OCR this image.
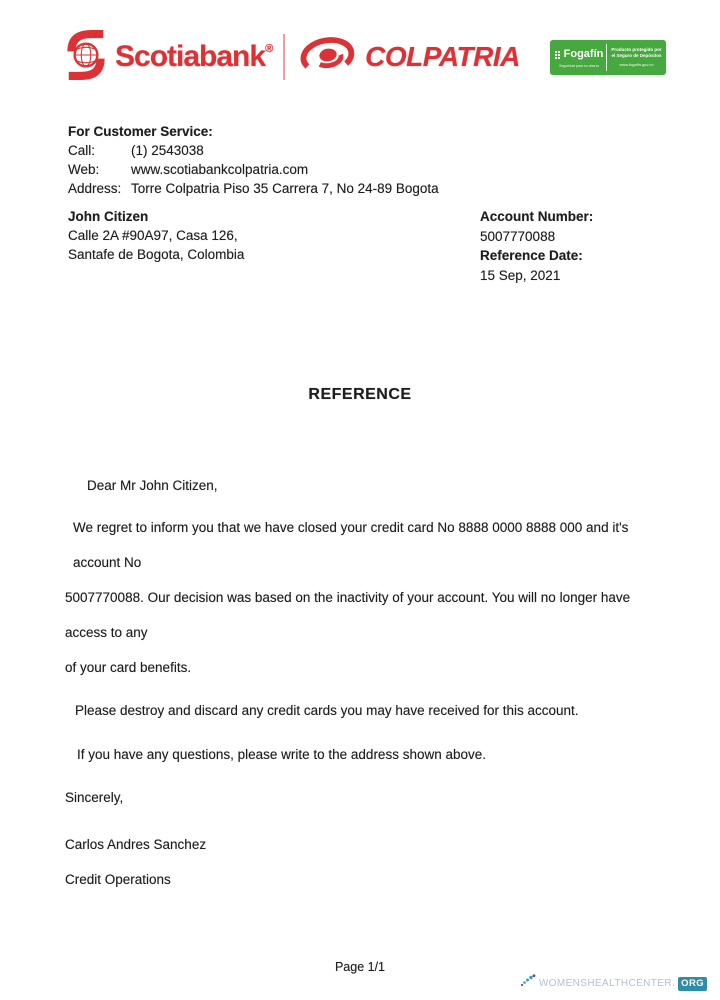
Scotiabank®	COLPATRIA	Fogafín
Seguridad para su ahorro
Producto protegido por
el Seguro de Depósitos
www.fogafin.gov.co
For Customer Service:
Call:	(1) 2543038
Web:	www.scotiabankcolpatria.com
Address: Torre Colpatria Piso 35 Carrera 7, No 24-89 Bogota
John Citizen
Calle 2A #90A97, Casa 126,
Santafe de Bogota, Colombia
Account Number:
5007770088
Reference Date:
15 Sep, 2021
REFERENCE
Dear Mr John Citizen,
We regret to inform you that we have closed your credit card No 8888 0000 8888 000 and it's account No
5007770088. Our decision was based on the inactivity of your account. You will no longer have access to any
of your card benefits.
Please destroy and discard any credit cards you may have received for this account.
If you have any questions, please write to the address shown above.
Sincerely,
Carlos Andres Sanchez
Credit Operations
Page 1/1
WOMENSHEALTHCENTER. ORG
